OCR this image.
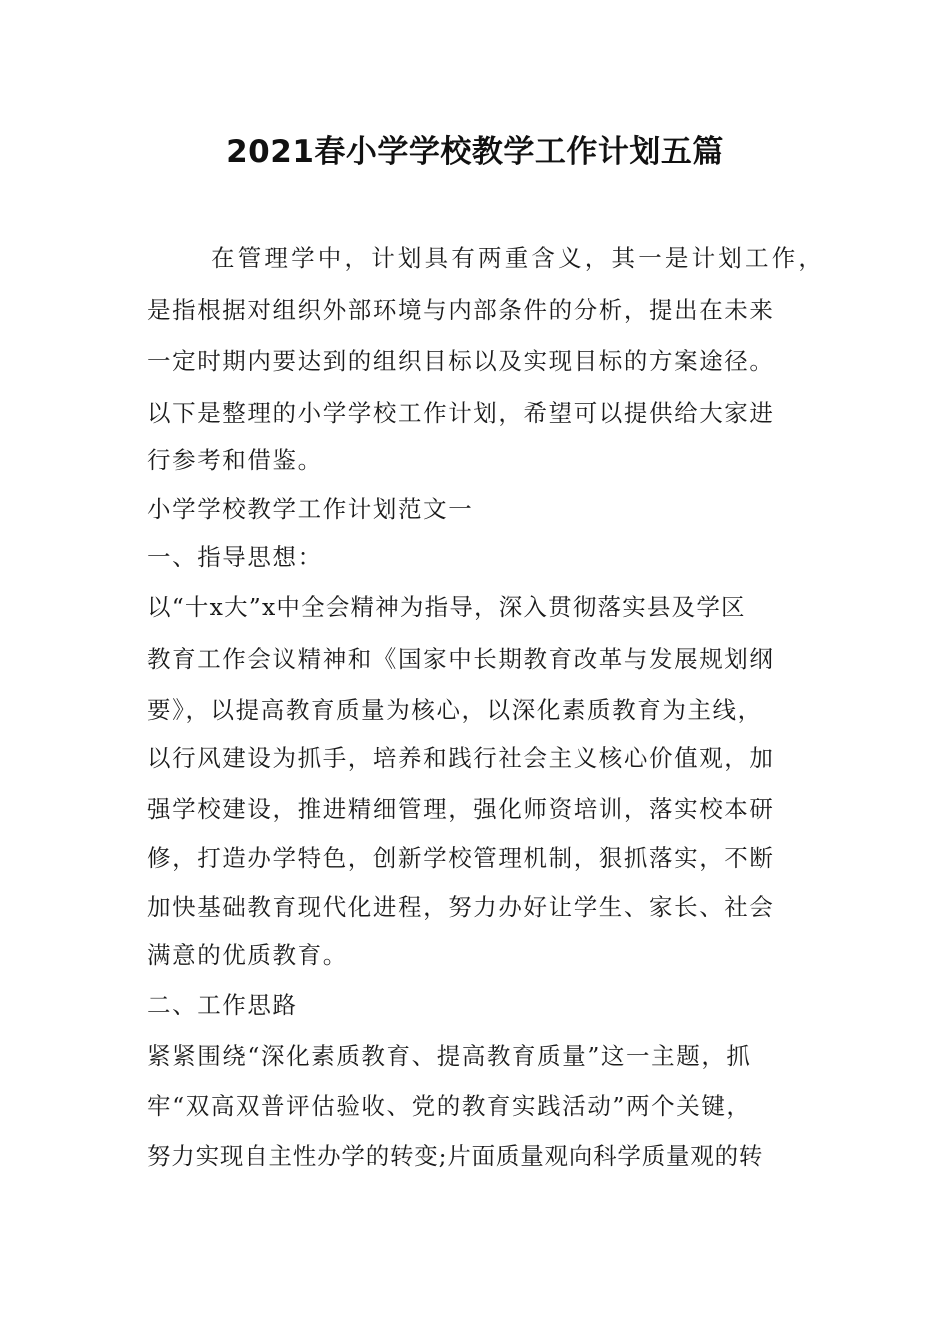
2021春小学学校教学工作计划五篇
在管理学中，计划具有两重含义，其一是计划工作，
是指根据对组织外部环境与内部条件的分析，提出在未来
一定时期内要达到的组织目标以及实现目标的方案途径。
以下是整理的小学学校工作计划，希望可以提供给大家进
行参考和借鉴。
小学学校教学工作计划范文一
一、指导思想：
以“十x大”x中全会精神为指导，深入贯彻落实县及学区
教育工作会议精神和《国家中长期教育改革与发展规划纲
要》，以提高教育质量为核心，以深化素质教育为主线，
以行风建设为抓手，培养和践行社会主义核心价值观，加
强学校建设，推进精细管理，强化师资培训，落实校本研
修，打造办学特色，创新学校管理机制，狠抓落实，不断
加快基础教育现代化进程，努力办好让学生、家长、社会
满意的优质教育。
二、工作思路
紧紧围绕“深化素质教育、提高教育质量”这一主题，抓
牢“双高双普评估验收、党的教育实践活动”两个关键，
努力实现自主性办学的转变;片面质量观向科学质量观的转
